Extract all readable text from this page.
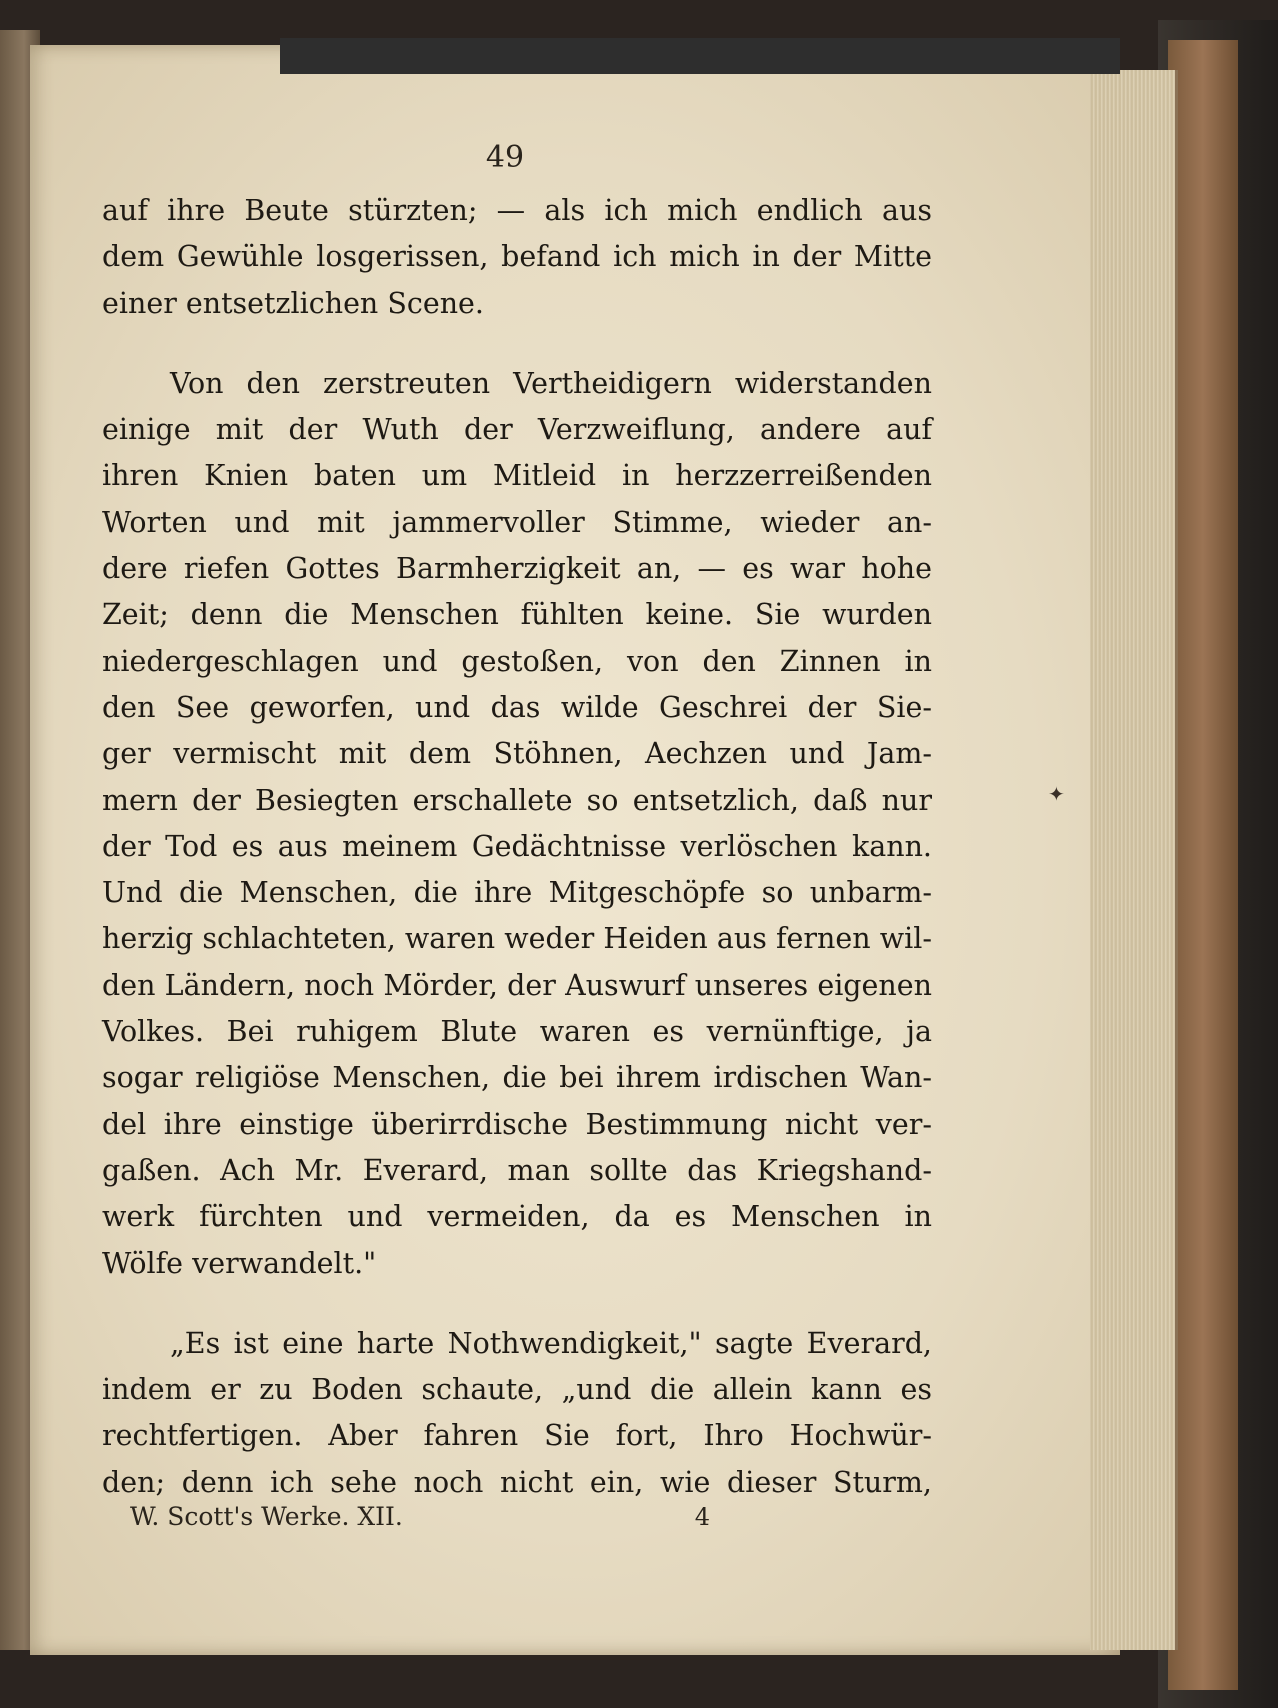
49
auf ihre Beute stürzten; — als ich mich endlich aus
dem Gewühle losgerissen, befand ich mich in der Mitte
einer entsetzlichen Scene.
Von den zerstreuten Vertheidigern widerstanden
einige mit der Wuth der Verzweiflung, andere auf
ihren Knien baten um Mitleid in herzzerreißenden
Worten und mit jammervoller Stimme, wieder an-
dere riefen Gottes Barmherzigkeit an, — es war hohe
Zeit; denn die Menschen fühlten keine. Sie wurden
niedergeschlagen und gestoßen, von den Zinnen in
den See geworfen, und das wilde Geschrei der Sie-
ger vermischt mit dem Stöhnen, Aechzen und Jam-
mern der Besiegten erschallete so entsetzlich, daß nur
der Tod es aus meinem Gedächtnisse verlöschen kann.
Und die Menschen, die ihre Mitgeschöpfe so unbarm-
herzig schlachteten, waren weder Heiden aus fernen wil-
den Ländern, noch Mörder, der Auswurf unseres eigenen
Volkes. Bei ruhigem Blute waren es vernünftige, ja
sogar religiöse Menschen, die bei ihrem irdischen Wan-
del ihre einstige überirrdische Bestimmung nicht ver-
gaßen. Ach Mr. Everard, man sollte das Kriegshand-
werk fürchten und vermeiden, da es Menschen in
Wölfe verwandelt."
„Es ist eine harte Nothwendigkeit," sagte Everard,
indem er zu Boden schaute, „und die allein kann es
rechtfertigen. Aber fahren Sie fort, Ihro Hochwür-
den; denn ich sehe noch nicht ein, wie dieser Sturm,
✦
W. Scott's Werke. XII.	4
